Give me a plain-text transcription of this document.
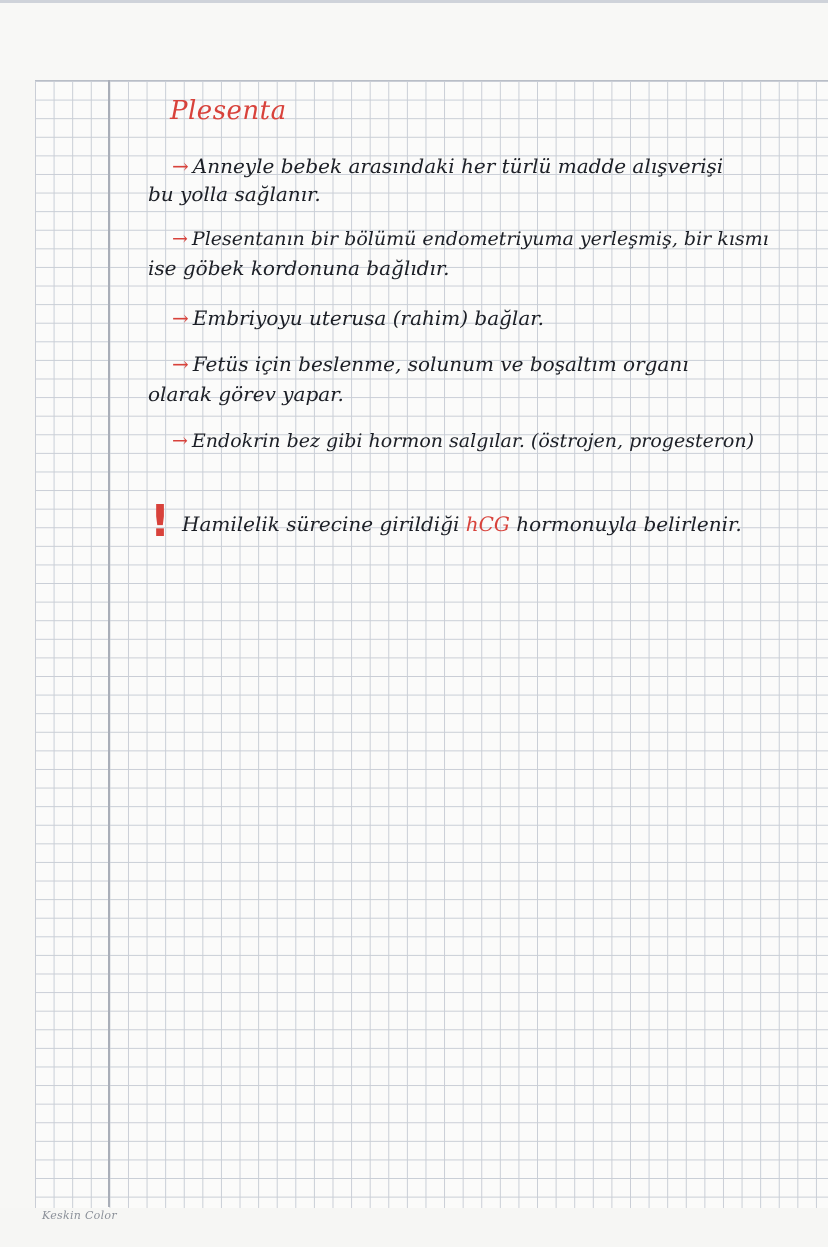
Plesenta
→ Anneyle bebek arasındaki her türlü madde alışverişi
bu yolla sağlanır.
→ Plesentanın bir bölümü endometriyuma yerleşmiş, bir kısmı
ise göbek kordonuna bağlıdır.
→ Embriyoyu uterusa (rahim) bağlar.
→ Fetüs için beslenme, solunum ve boşaltım organı
olarak görev yapar.
→ Endokrin bez gibi hormon salgılar. (östrojen, progesteron)
! Hamilelik sürecine girildiği hCG hormonuyla belirlenir.
Keskin Color
